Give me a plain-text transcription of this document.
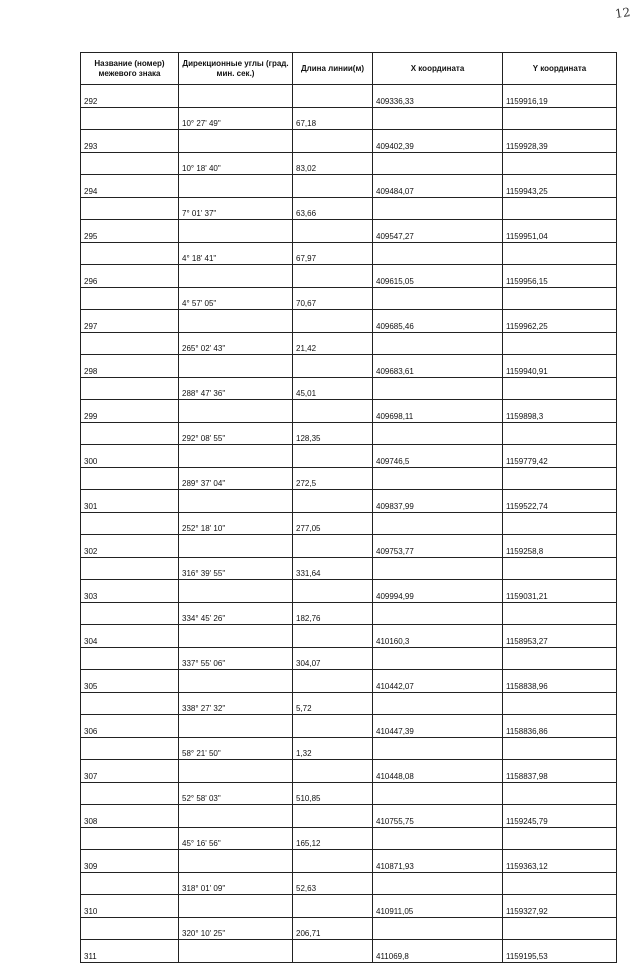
12
Название (номер) межевого знака	Дирекционные углы (град. мин. сек.)	Длина линии(м)	X координата	Y координата
292			409336,33	1159916,19
	10° 27' 49"	67,18		
293			409402,39	1159928,39
	10° 18' 40"	83,02		
294			409484,07	1159943,25
	7° 01' 37"	63,66		
295			409547,27	1159951,04
	4° 18' 41"	67,97		
296			409615,05	1159956,15
	4° 57' 05"	70,67		
297			409685,46	1159962,25
	265° 02' 43"	21,42		
298			409683,61	1159940,91
	288° 47' 36"	45,01		
299			409698,11	1159898,3
	292° 08' 55"	128,35		
300			409746,5	1159779,42
	289° 37' 04"	272,5		
301			409837,99	1159522,74
	252° 18' 10"	277,05		
302			409753,77	1159258,8
	316° 39' 55"	331,64		
303			409994,99	1159031,21
	334° 45' 26"	182,76		
304			410160,3	1158953,27
	337° 55' 06"	304,07		
305			410442,07	1158838,96
	338° 27' 32"	5,72		
306			410447,39	1158836,86
	58° 21' 50"	1,32		
307			410448,08	1158837,98
	52° 58' 03"	510,85		
308			410755,75	1159245,79
	45° 16' 56"	165,12		
309			410871,93	1159363,12
	318° 01' 09"	52,63		
310			410911,05	1159327,92
	320° 10' 25"	206,71		
311			411069,8	1159195,53
